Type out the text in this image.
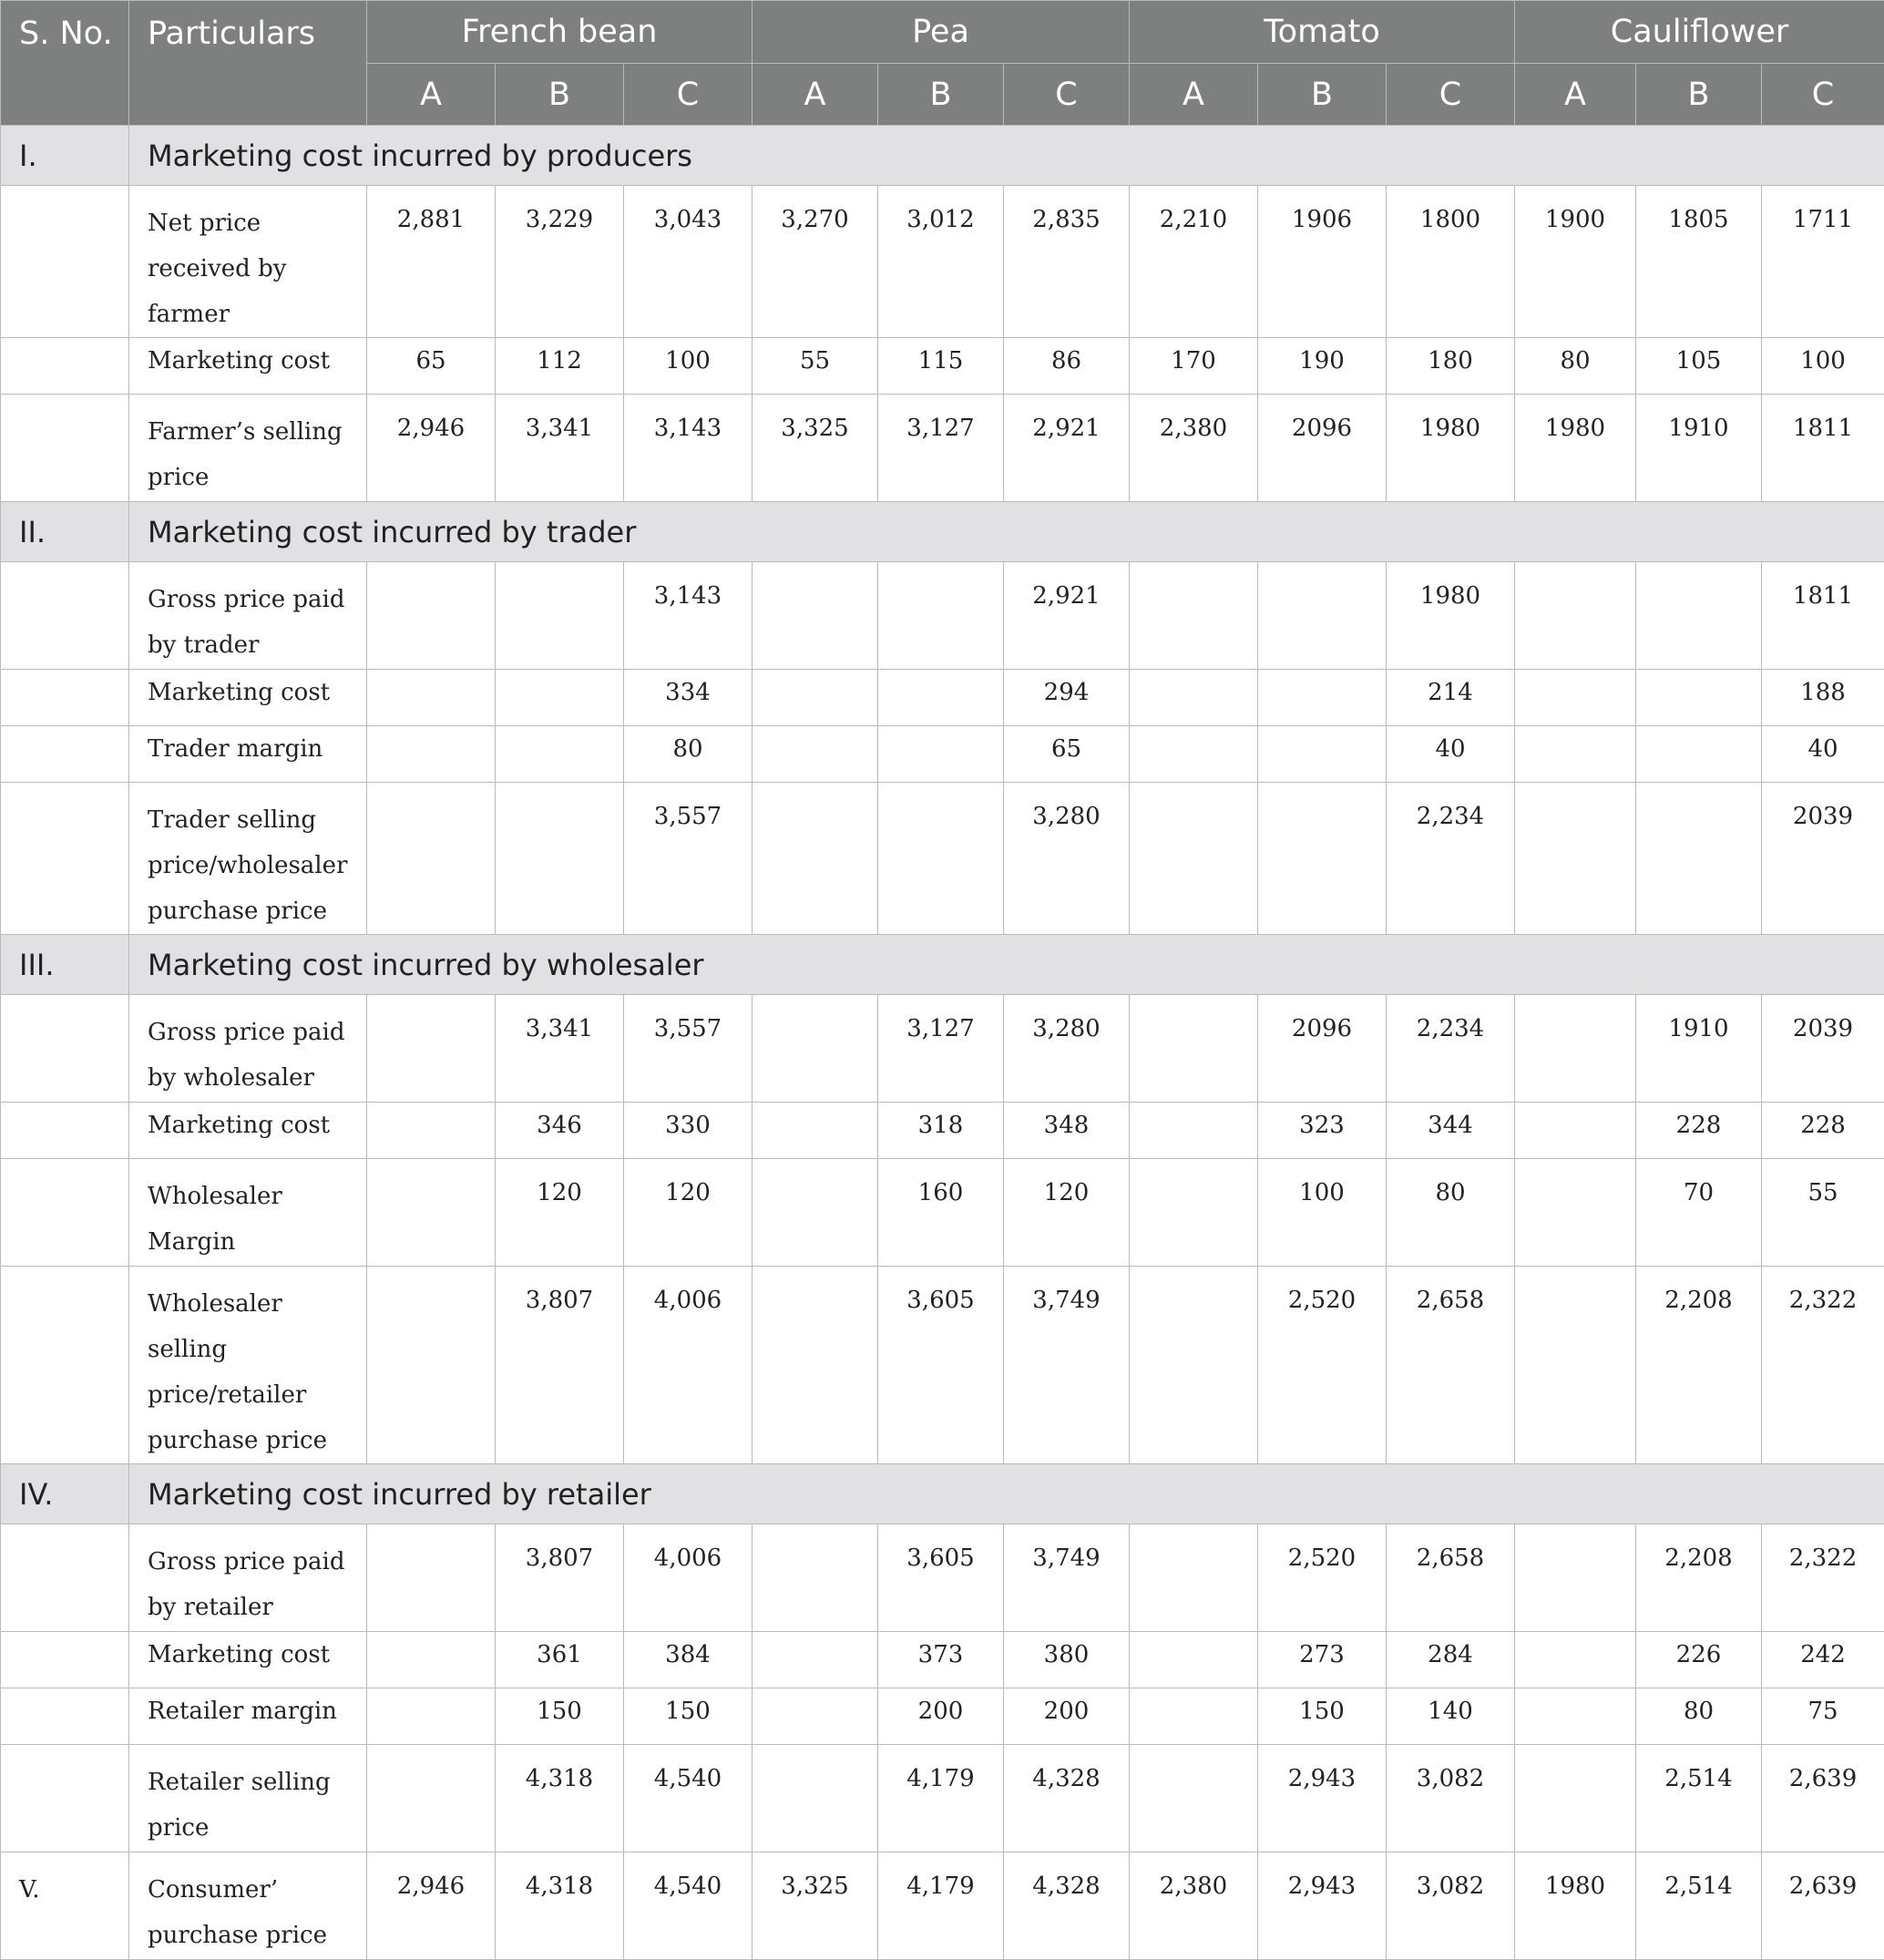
S. No.	Particulars	French bean			Pea			Tomato			Cauliflower		
		A	B	C	A	B	C	A	B	C	A	B	C
I.	Marketing cost incurred by producers												
	Net price received by farmer	2,881	3,229	3,043	3,270	3,012	2,835	2,210	1906	1800	1900	1805	1711
	Marketing cost	65	112	100	55	115	86	170	190	180	80	105	100
	Farmer’s selling price	2,946	3,341	3,143	3,325	3,127	2,921	2,380	2096	1980	1980	1910	1811
II.	Marketing cost incurred by trader												
	Gross price paid by trader			3,143			2,921			1980			1811
	Marketing cost			334			294			214			188
	Trader margin			80			65			40			40
	Trader selling price/wholesaler purchase price			3,557			3,280			2,234			2039
III.	Marketing cost incurred by wholesaler												
	Gross price paid by wholesaler		3,341	3,557		3,127	3,280		2096	2,234		1910	2039
	Marketing cost		346	330		318	348		323	344		228	228
	Wholesaler Margin		120	120		160	120		100	80		70	55
	Wholesaler selling price/retailer purchase price		3,807	4,006		3,605	3,749		2,520	2,658		2,208	2,322
IV.	Marketing cost incurred by retailer												
	Gross price paid by retailer		3,807	4,006		3,605	3,749		2,520	2,658		2,208	2,322
	Marketing cost		361	384		373	380		273	284		226	242
	Retailer margin		150	150		200	200		150	140		80	75
	Retailer selling price		4,318	4,540		4,179	4,328		2,943	3,082		2,514	2,639
V.	Consumer’ purchase price	2,946	4,318	4,540	3,325	4,179	4,328	2,380	2,943	3,082	1980	2,514	2,639
